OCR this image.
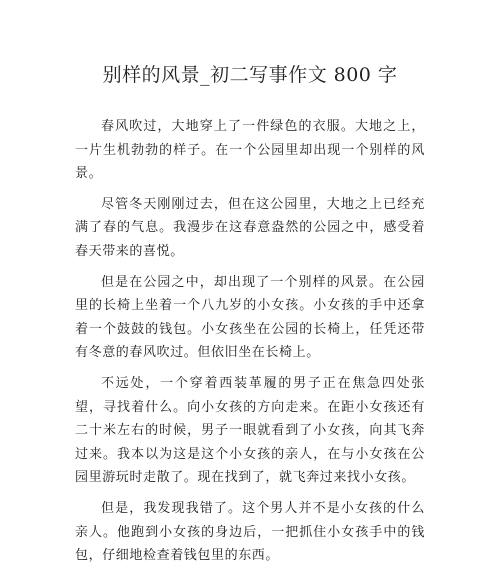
别样的风景_初二写事作文 800 字

春风吹过，大地穿上了一件绿色的衣服。大地之上，一片生机勃勃的样子。在一个公园里却出现一个别样的风景。

尽管冬天刚刚过去，但在这公园里，大地之上已经充满了春的气息。我漫步在这春意盎然的公园之中，感受着春天带来的喜悦。

但是在公园之中，却出现了一个别样的风景。在公园里的长椅上坐着一个八九岁的小女孩。小女孩的手中还拿着一个鼓鼓的钱包。小女孩坐在公园的长椅上，任凭还带有冬意的春风吹过。但依旧坐在长椅上。

不远处，一个穿着西装革履的男子正在焦急四处张望，寻找着什么。向小女孩的方向走来。在距小女孩还有二十米左右的时候，男子一眼就看到了小女孩，向其飞奔过来。我本以为这是这个小女孩的亲人，在与小女孩在公园里游玩时走散了。现在找到了，就飞奔过来找小女孩。

但是，我发现我错了。这个男人并不是小女孩的什么亲人。他跑到小女孩的身边后，一把抓住小女孩手中的钱包，仔细地检查着钱包里的东西。
